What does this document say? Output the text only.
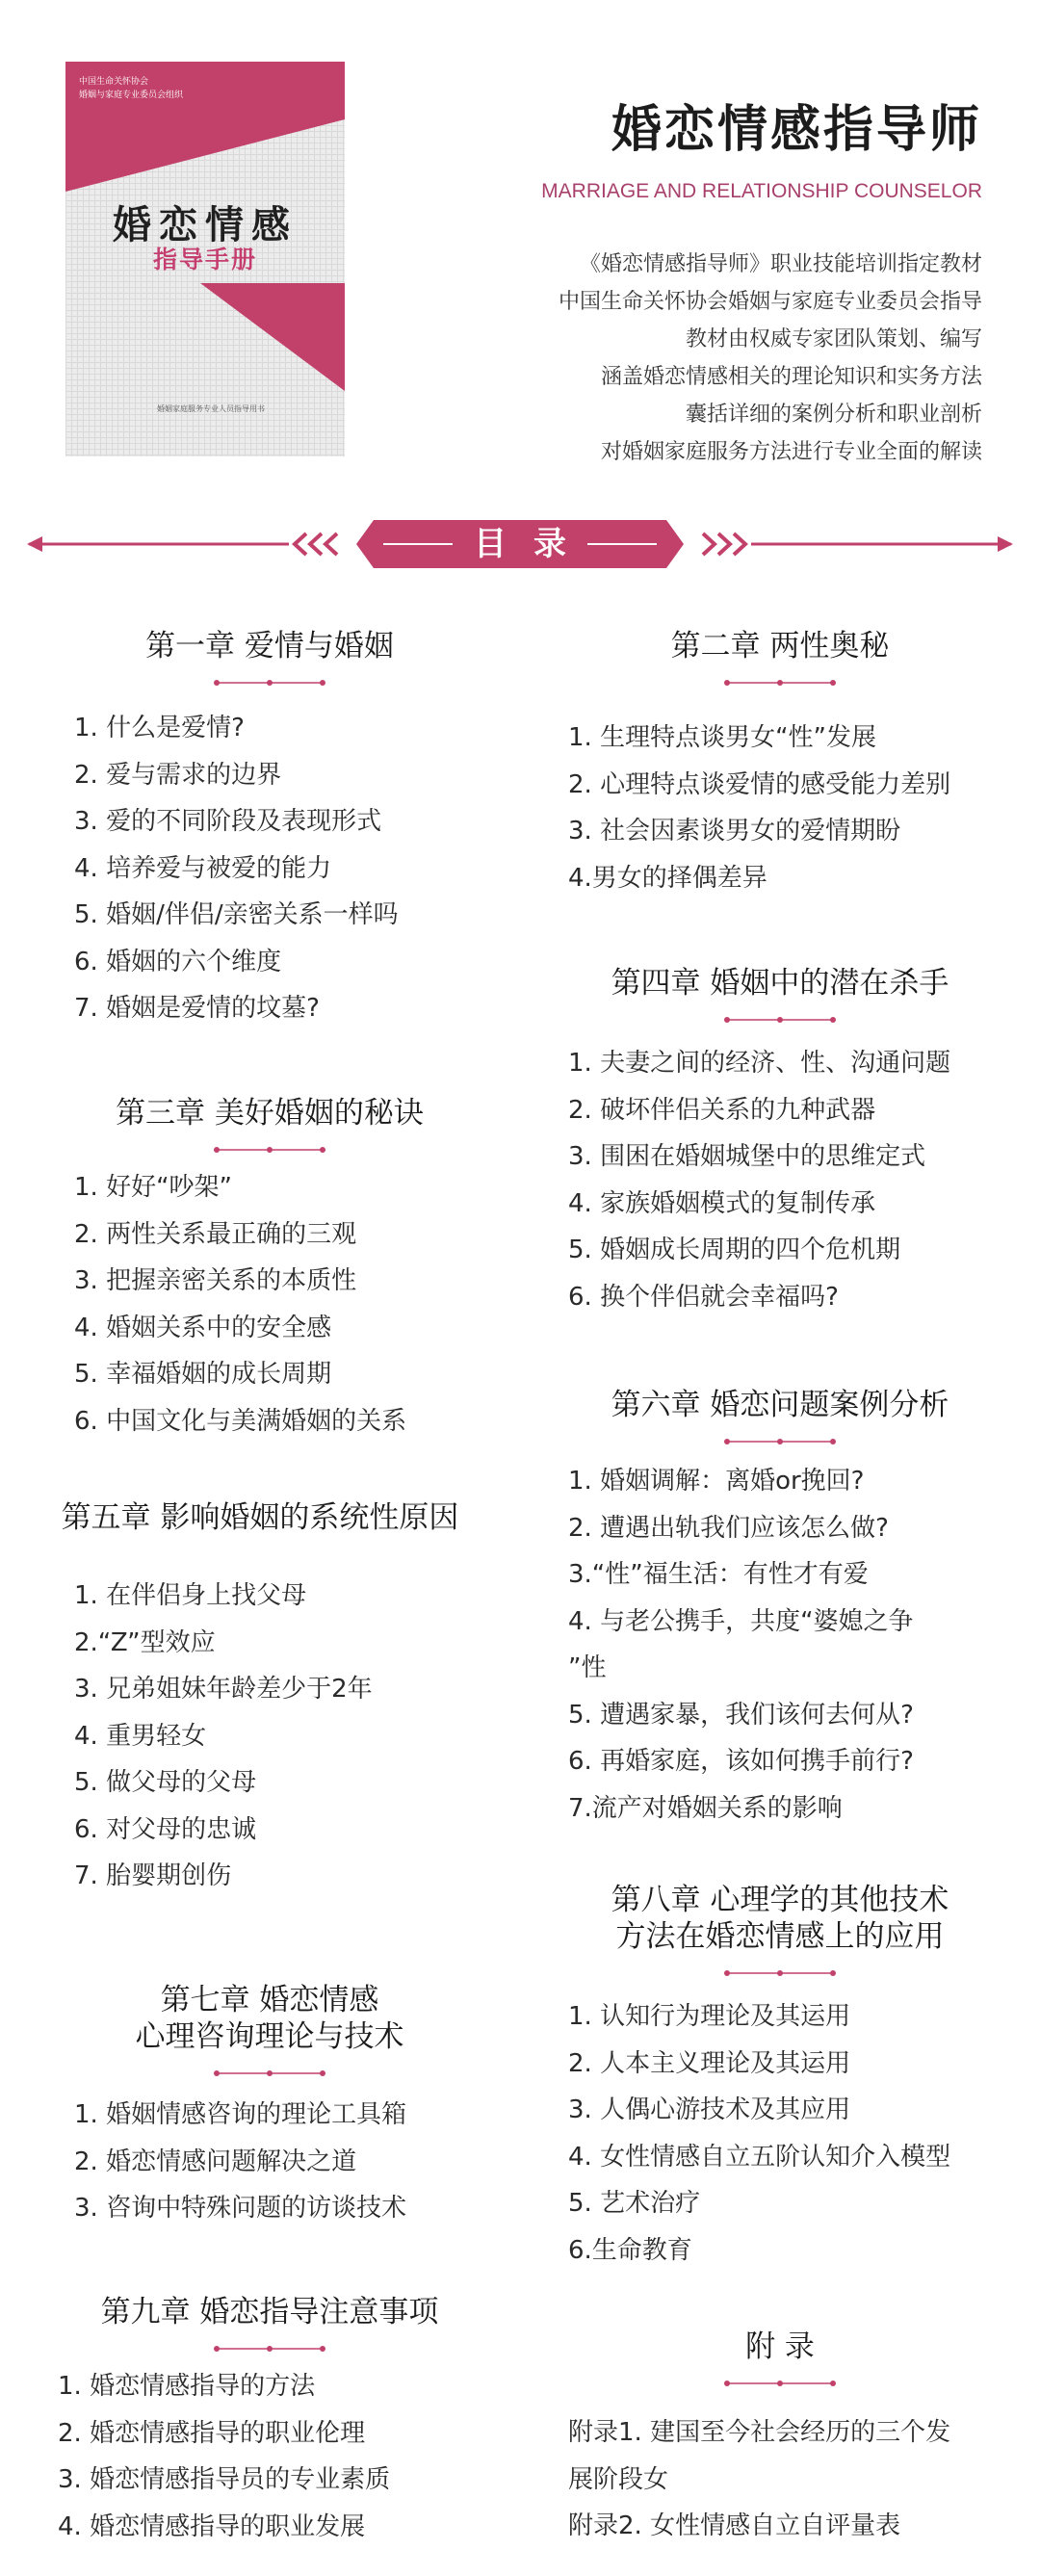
中国生命关怀协会
婚姻与家庭专业委员会组织
婚恋情感
指导手册
婚姻家庭服务专业人员指导用书
婚恋情感指导师
MARRIAGE AND RELATIONSHIP COUNSELOR
《婚恋情感指导师》职业技能培训指定教材
中国生命关怀协会婚姻与家庭专业委员会指导
教材由权威专家团队策划、编写
涵盖婚恋情感相关的理论知识和实务方法
囊括详细的案例分析和职业剖析
对婚姻家庭服务方法进行专业全面的解读
目录
第一章 爱情与婚姻
1. 什么是爱情?
2. 爱与需求的边界
3. 爱的不同阶段及表现形式
4. 培养爱与被爱的能力
5. 婚姻/伴侣/亲密关系一样吗
6. 婚姻的六个维度
7. 婚姻是爱情的坟墓?
第二章 两性奥秘
1. 生理特点谈男女“性”发展
2. 心理特点谈爱情的感受能力差别
3. 社会因素谈男女的爱情期盼
4.男女的择偶差异
第三章 美好婚姻的秘诀
1. 好好“吵架”
2. 两性关系最正确的三观
3. 把握亲密关系的本质性
4. 婚姻关系中的安全感
5. 幸福婚姻的成长周期
6. 中国文化与美满婚姻的关系
第四章 婚姻中的潜在杀手
1. 夫妻之间的经济、性、沟通问题
2. 破坏伴侣关系的九种武器
3. 围困在婚姻城堡中的思维定式
4. 家族婚姻模式的复制传承
5. 婚姻成长周期的四个危机期
6. 换个伴侣就会幸福吗?
第五章 影响婚姻的系统性原因
1. 在伴侣身上找父母
2.“Z”型效应
3. 兄弟姐妹年龄差少于2年
4. 重男轻女
5. 做父母的父母
6. 对父母的忠诚
7. 胎婴期创伤
第六章 婚恋问题案例分析
1. 婚姻调解：离婚or挽回?
2. 遭遇出轨我们应该怎么做?
3.“性”福生活：有性才有爱
4. 与老公携手，共度“婆媳之争
”性
5. 遭遇家暴，我们该何去何从?
6. 再婚家庭，该如何携手前行?
7.流产对婚姻关系的影响
第七章 婚恋情感
心理咨询理论与技术
1. 婚姻情感咨询的理论工具箱
2. 婚恋情感问题解决之道
3. 咨询中特殊问题的访谈技术
第八章 心理学的其他技术
方法在婚恋情感上的应用
1. 认知行为理论及其运用
2. 人本主义理论及其运用
3. 人偶心游技术及其应用
4. 女性情感自立五阶认知介入模型
5. 艺术治疗
6.生命教育
第九章 婚恋指导注意事项
1. 婚恋情感指导的方法
2. 婚恋情感指导的职业伦理
3. 婚恋情感指导员的专业素质
4. 婚恋情感指导的职业发展
附 录
附录1. 建国至今社会经历的三个发
展阶段女
附录2. 女性情感自立自评量表
